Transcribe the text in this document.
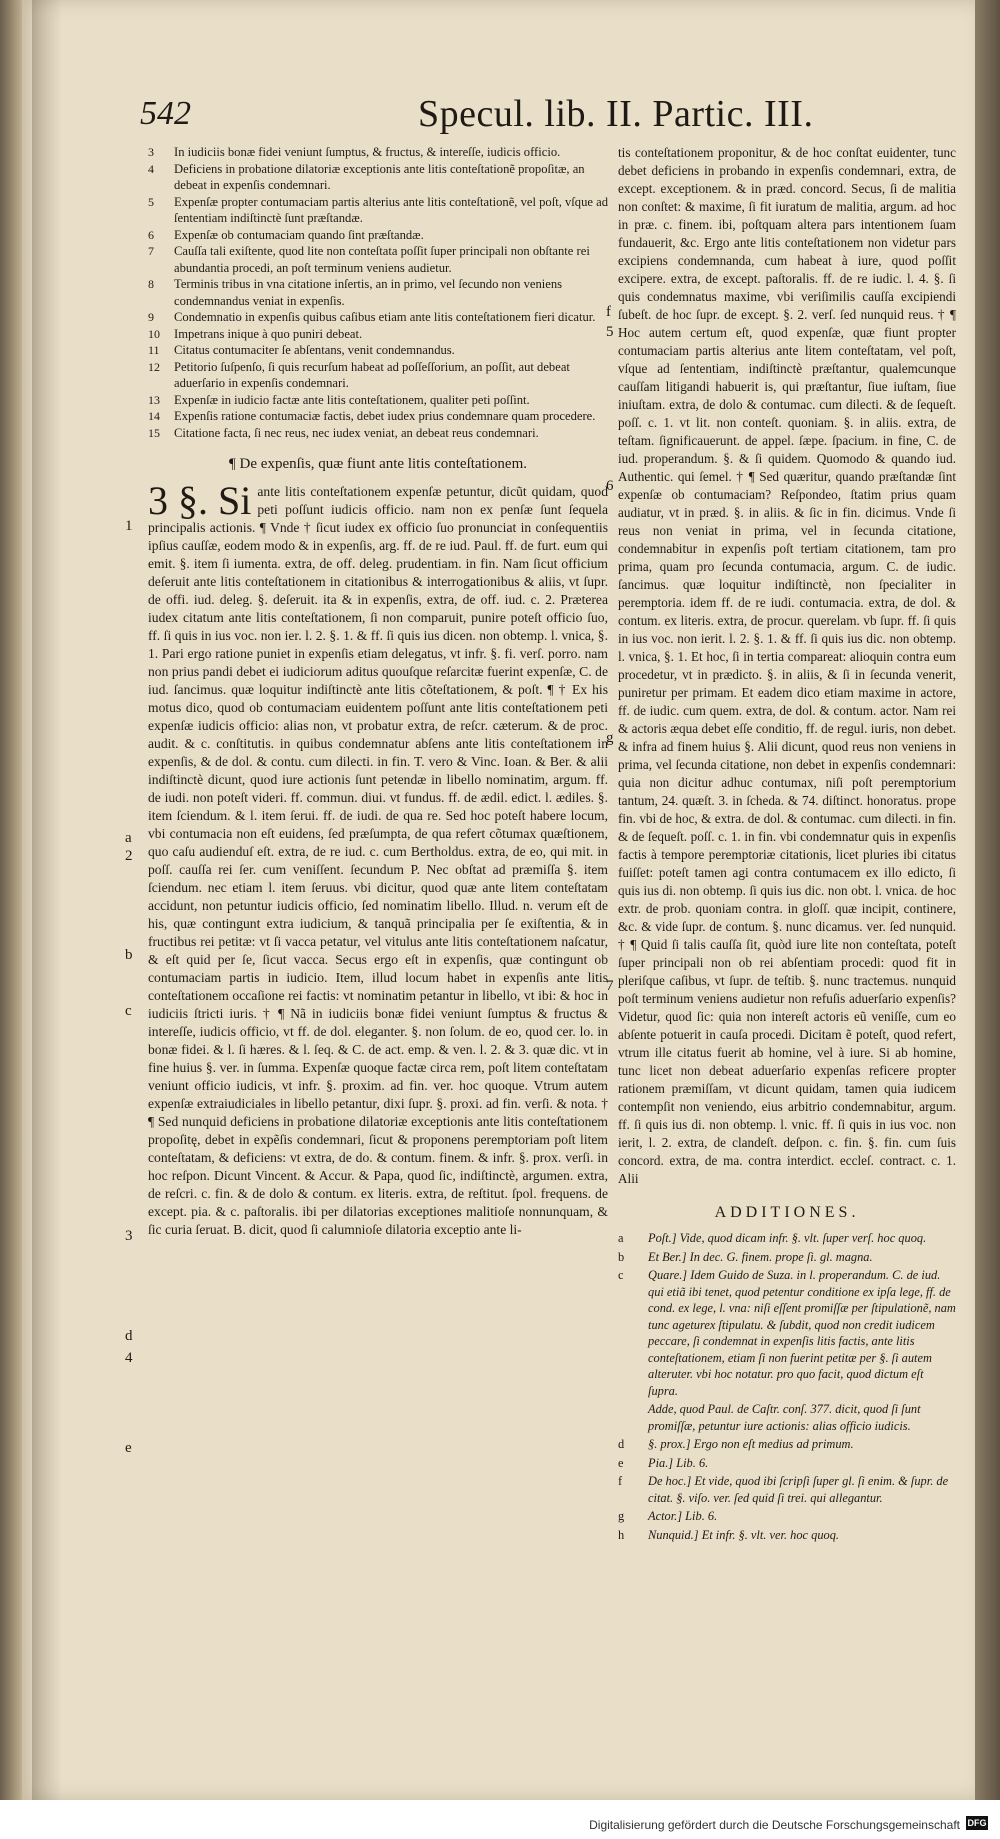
542	Specul. lib. II. Partic. III.

3 In iudiciis bonæ fidei veniunt ſumptus, & fructus, & intereſſe, iudicis officio.

4 Deficiens in probatione dilatoriæ exceptionis ante litis conteſtationẽ propoſitæ, an debeat in expenſis condemnari.

5 Expenſæ propter contumaciam partis alterius ante litis conteſtationẽ, vel poſt, vſque ad ſententiam indiſtinctè ſunt præſtandæ.

6 Expenſæ ob contumaciam quando ſint præſtandæ.

7 Cauſſa tali exiſtente, quod lite non conteſtata poſſit ſuper principali non obſtante rei abundantia procedi, an poſt terminum veniens audietur.

8 Terminis tribus in vna citatione inſertis, an in primo, vel ſecundo non veniens condemnandus veniat in expenſis.

9 Condemnatio in expenſis quibus caſibus etiam ante litis conteſtationem fieri dicatur.

10 Impetrans inique à quo puniri debeat.

11 Citatus contumaciter ſe abſentans, venit condemnandus.

12 Petitorio ſuſpenſo, ſi quis recurſum habeat ad poſſeſſorium, an poſſit, aut debeat aduerſario in expenſis condemnari.

13 Expenſæ in iudicio factæ ante litis conteſtationem, qualiter peti poſſint.

14 Expenſis ratione contumaciæ factis, debet iudex prius condemnare quam procedere.

15 Citatione facta, ſi nec reus, nec iudex veniat, an debeat reus condemnari.

¶ De expenſis, quæ fiunt ante litis conteſtationem.

3 §. Si ante litis conteſtationem expenſæ petuntur, dicũt quidam, quod peti poſſunt iudicis officio. nam non ex penſæ ſunt ſequela principalis actionis. ¶ Vnde † ſicut iudex ex officio ſuo pronunciat in conſequentiis ipſius cauſſæ, eodem modo & in expenſis, arg. ff. de re iud. Paul. ff. de furt. eum qui emit. §. item ſi iumenta. extra, de off. deleg. prudentiam. in fin. Nam ſicut officium deſeruit ante litis conteſtationem in citationibus & interrogationibus & aliis, vt ſupr. de offi. iud. deleg. §. deſeruit. ita & in expenſis, extra, de off. iud. c. 2. Præterea iudex citatum ante litis conteſtationem, ſi non comparuit, punire poteſt officio ſuo, ff. ſi quis in ius voc. non ier. l. 2. §. 1. & ff. ſi quis ius dicen. non obtemp. l. vnica, §. 1. Pari ergo ratione puniet in expenſis etiam delegatus, vt infr. §. fi. verſ. porro. nam non prius pandi debet ei iudiciorum aditus quouſque reſarcitæ fuerint expenſæ, C. de iud. ſancimus. quæ loquitur indiſtinctè ante litis cõteſtationem, & poſt. ¶ † Ex his motus dico, quod ob contumaciam euidentem poſſunt ante litis conteſtationem peti expenſæ iudicis officio: alias non, vt probatur extra, de reſcr. cæterum. & de proc. audit. & c. conſtitutis. in quibus condemnatur abſens ante litis conteſtationem in expenſis, & de dol. & contu. cum dilecti. in fin. T. vero & Vinc. Ioan. & Ber. & alii indiſtinctè dicunt, quod iure actionis ſunt petendæ in libello nominatim, argum. ff. de iudi. non poteſt videri. ff. commun. diui. vt fundus. ff. de ædil. edict. l. ædiles. §. item ſciendum. & l. item ſerui. ff. de iudi. de qua re. Sed hoc poteſt habere locum, vbi contumacia non eſt euidens, ſed præſumpta, de qua refert cõtumax quæſtionem, quo caſu audienduſ eſt. extra, de re iud. c. cum Bertholdus. extra, de eo, qui mit. in poſſ. cauſſa rei ſer. cum veniſſent. ſecundum P. Nec obſtat ad præmiſſa §. item ſciendum. nec etiam l. item ſeruus. vbi dicitur, quod quæ ante litem conteſtatam accidunt, non petuntur iudicis officio, ſed nominatim libello. Illud. n. verum eſt de his, quæ contingunt extra iudicium, & tanquã principalia per ſe exiſtentia, & in fructibus rei petitæ: vt ſi vacca petatur, vel vitulus ante litis conteſtationem naſcatur, & eſt quid per ſe, ſicut vacca. Secus ergo eſt in expenſis, quæ contingunt ob contumaciam partis in iudicio. Item, illud locum habet in expenſis ante litis conteſtationem occaſione rei factis: vt nominatim petantur in libello, vt ibi: & hoc in iudiciis ſtricti iuris. † ¶ Nã in iudiciis bonæ fidei veniunt ſumptus & fructus & intereſſe, iudicis officio, vt ff. de dol. eleganter. §. non ſolum. de eo, quod cer. lo. in bonæ fidei. & l. ſi hæres. & l. ſeq. & C. de act. emp. & ven. l. 2. & 3. quæ dic. vt in fine huius §. ver. in ſumma. Expenſæ quoque factæ circa rem, poſt litem conteſtatam veniunt officio iudicis, vt infr. §. proxim. ad fin. ver. hoc quoque. Vtrum autem expenſæ extraiudiciales in libello petantur, dixi ſupr. §. proxi. ad fin. verſi. & nota. † ¶ Sed nunquid deficiens in probatione dilatoriæ exceptionis ante litis conteſtationem propoſitę, debet in expẽſis condemnari, ſicut & proponens peremptoriam poſt litem conteſtatam, & deficiens: vt extra, de do. & contum. finem. & infr. §. prox. verſi. in hoc reſpon. Dicunt Vincent. & Accur. & Papa, quod ſic, indiſtinctè, argumen. extra, de reſcri. c. fin. & de dolo & contum. ex literis. extra, de reſtitut. ſpol. frequens. de except. pia. & c. paſtoralis. ibi per dilatorias exceptiones malitioſe nonnunquam, & ſic curia ſeruat. B. dicit, quod ſi calumnioſe dilatoria exceptio ante li-

tis conteſtationem proponitur, & de hoc conſtat euidenter, tunc debet deficiens in probando in expenſis condemnari, extra, de except. exceptionem. & in præd. concord. Secus, ſi de malitia non conſtet: & maxime, ſi fit iuratum de malitia, argum. ad hoc in præ. c. finem. ibi, poſtquam altera pars intentionem ſuam fundauerit, &c. Ergo ante litis conteſtationem non videtur pars excipiens condemnanda, cum habeat à iure, quod poſſit excipere. extra, de except. paſtoralis. ff. de re iudic. l. 4. §. ſi quis condemnatus maxime, vbi veriſimilis cauſſa excipiendi ſubeſt. de hoc ſupr. de except. §. 2. verſ. ſed nunquid reus. † ¶ Hoc autem certum eſt, quod expenſæ, quæ fiunt propter contumaciam partis alterius ante litem conteſtatam, vel poſt, vſque ad ſententiam, indiſtinctè præſtantur, qualemcunque cauſſam litigandi habuerit is, qui præſtantur, ſiue iuſtam, ſiue iniuſtam. extra, de dolo & contumac. cum dilecti. & de ſequeſt. poſſ. c. 1. vt lit. non conteſt. quoniam. §. in aliis. extra, de teſtam. ſignificauerunt. de appel. ſæpe. ſpacium. in fine, C. de iud. properandum. §. & ſi quidem. Quomodo & quando iud. Authentic. qui ſemel. † ¶ Sed quæritur, quando præſtandæ ſint expenſæ ob contumaciam? Reſpondeo, ſtatim prius quam audiatur, vt in præd. §. in aliis. & ſic in fin. dicimus. Vnde ſi reus non veniat in prima, vel in ſecunda citatione, condemnabitur in expenſis poſt tertiam citationem, tam pro prima, quam pro ſecunda contumacia, argum. C. de iudic. ſancimus. quæ loquitur indiſtinctè, non ſpecialiter in peremptoria. idem ff. de re iudi. contumacia. extra, de dol. & contum. ex literis. extra, de procur. querelam. vb ſupr. ff. ſi quis in ius voc. non ierit. l. 2. §. 1. & ff. ſi quis ius dic. non obtemp. l. vnica, §. 1. Et hoc, ſi in tertia compareat: alioquin contra eum procedetur, vt in prædicto. §. in aliis, & ſi in ſecunda venerit, puniretur per primam. Et eadem dico etiam maxime in actore, ff. de iudic. cum quem. extra, de dol. & contum. actor. Nam rei & actoris æqua debet eſſe conditio, ff. de regul. iuris, non debet. & infra ad finem huius §. Alii dicunt, quod reus non veniens in prima, vel ſecunda citatione, non debet in expenſis condemnari: quia non dicitur adhuc contumax, niſi poſt peremptorium tantum, 24. quæſt. 3. in ſcheda. & 74. diſtinct. honoratus. prope fin. vbi de hoc, & extra. de dol. & contumac. cum dilecti. in fin. & de ſequeſt. poſſ. c. 1. in fin. vbi condemnatur quis in expenſis factis à tempore peremptoriæ citationis, licet pluries ibi citatus fuiſſet: poteſt tamen agi contra contumacem ex illo edicto, ſi quis ius di. non obtemp. ſi quis ius dic. non obt. l. vnica. de hoc extr. de prob. quoniam contra. in gloſſ. quæ incipit, continere, &c. & vide ſupr. de contum. §. nunc dicamus. ver. ſed nunquid. † ¶ Quid ſi talis cauſſa ſit, quòd iure lite non conteſtata, poteſt ſuper principali non ob rei abſentiam procedi: quod fit in pleriſque caſibus, vt ſupr. de teſtib. §. nunc tractemus. nunquid poſt terminum veniens audietur non refuſis aduerſario expenſis? Videtur, quod ſic: quia non intereſt actoris eũ veniſſe, cum eo abſente potuerit in cauſa procedi. Dicitam ẽ poteſt, quod refert, vtrum ille citatus fuerit ab homine, vel à iure. Si ab homine, tunc licet non debeat aduerſario expenſas reficere propter rationem præmiſſam, vt dicunt quidam, tamen quia iudicem contempſit non veniendo, eius arbitrio condemnabitur, argum. ff. ſi quis ius di. non obtemp. l. vnic. ff. ſi quis in ius voc. non ierit, l. 2. extra, de clandeſt. deſpon. c. fin. §. fin. cum ſuis concord. extra, de ma. contra interdict. eccleſ. contract. c. 1. Alii

ADDITIONES.

a Poſt.] Vide, quod dicam infr. §. vlt. ſuper verſ. hoc quoq.

b Et Ber.] In dec. G. finem. prope ſi. gl. magna.

c Quare.] Idem Guido de Suza. in l. properandum. C. de iud. qui etiã ibi tenet, quod petentur conditione ex ipſa lege, ff. de cond. ex lege, l. vna: niſi eſſent promiſſæ per ſtipulationẽ, nam tunc ageturex ſtipulatu. & ſubdit, quod non credit iudicem peccare, ſi condemnat in expenſis litis factis, ante litis conteſtationem, etiam ſi non fuerint petitæ per §. ſi autem alteruter. vbi hoc notatur. pro quo facit, quod dictum eſt ſupra.

Adde, quod Paul. de Caſtr. conſ. 377. dicit, quod ſi ſunt promiſſæ, petuntur iure actionis: alias officio iudicis.

d §. prox.] Ergo non eſt medius ad primum.

e Pia.] Lib. 6.

f De hoc.] Et vide, quod ibi ſcripſi ſuper gl. ſi enim. & ſupr. de citat. §. viſo. ver. ſed quid ſi trei. qui allegantur.

g Actor.] Lib. 6.

h Nunquid.] Et infr. §. vlt. ver. hoc quoq.

1
a
2
b
c
3
d
4
e
f
5
6
g
7
Digitalisierung gefördert durch die Deutsche Forschungsgemeinschaft DFG
